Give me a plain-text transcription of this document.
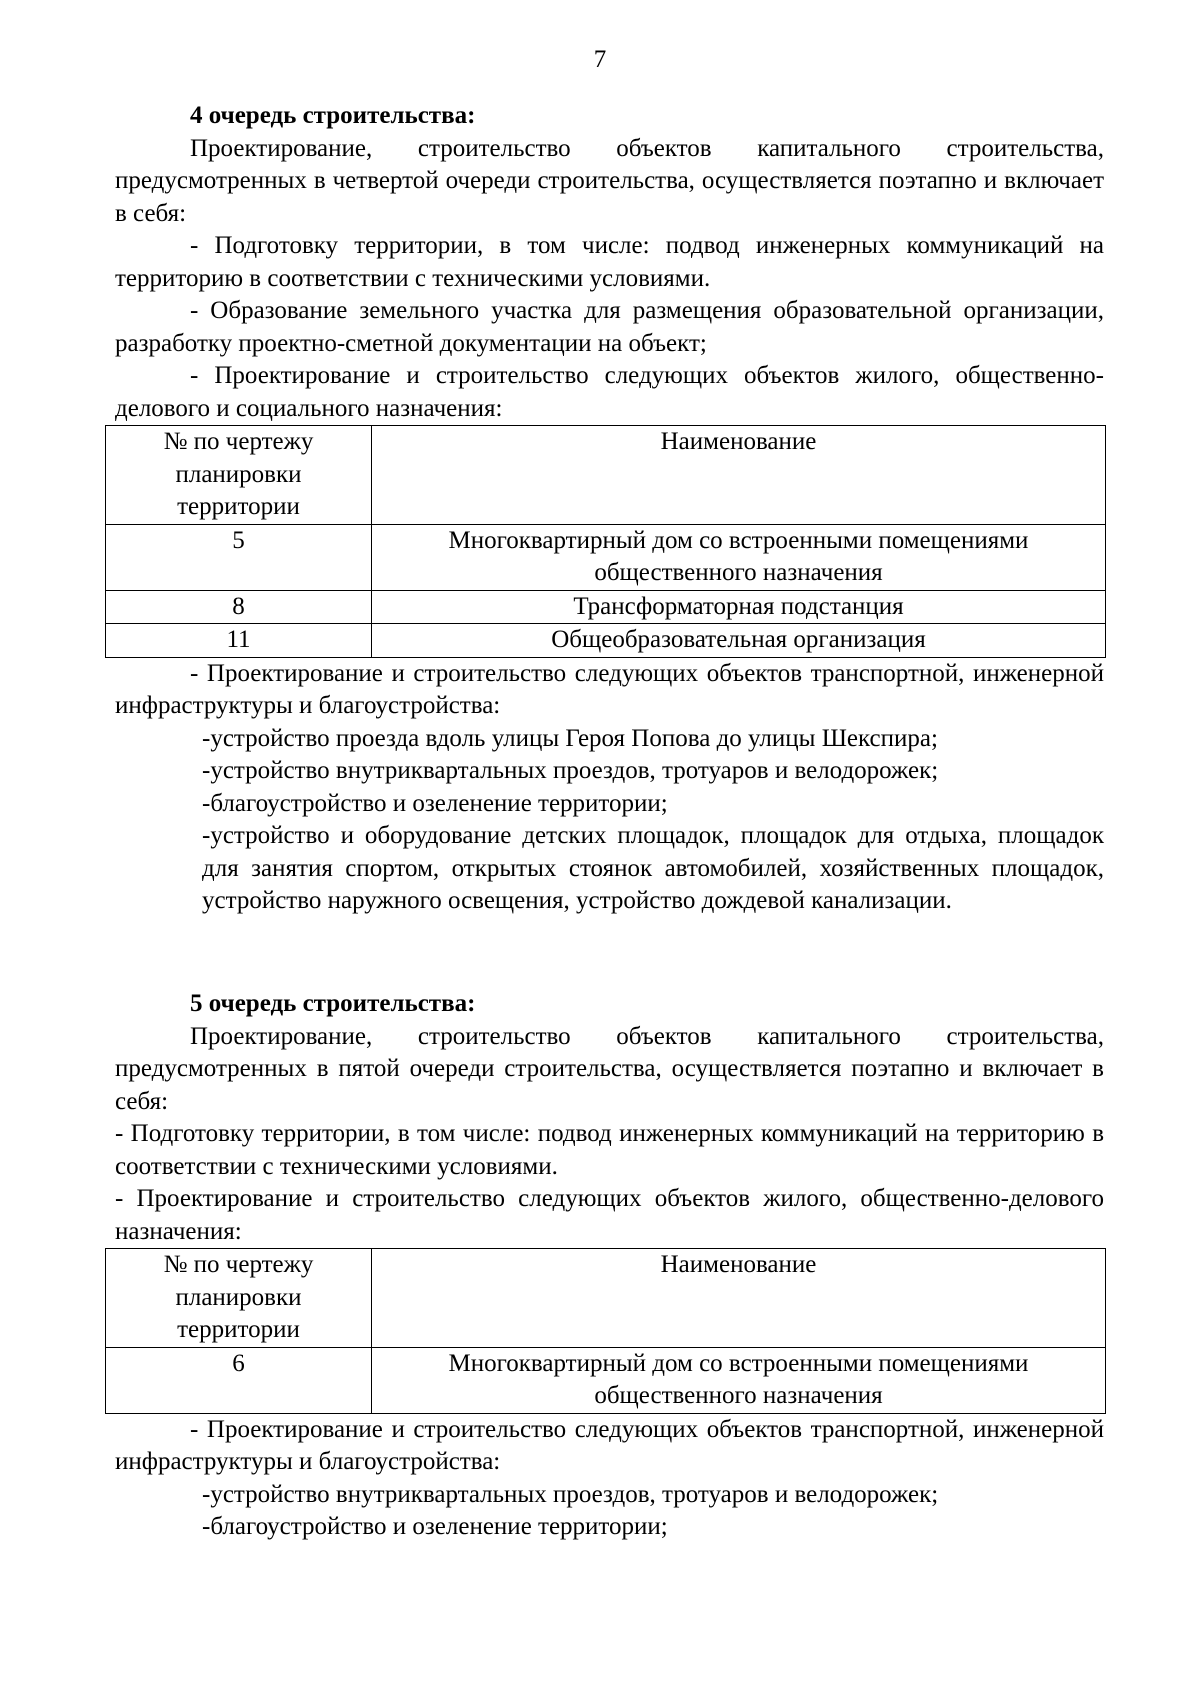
7

4 очередь строительства:

Проектирование, строительство объектов капитального строительства, предусмотренных в четвертой очереди строительства, осуществляется поэтапно и включает в себя:

- Подготовку территории, в том числе: подвод инженерных коммуникаций на территорию в соответствии с техническими условиями.

- Образование земельного участка для размещения образовательной организации, разработку проектно-сметной документации на объект;

- Проектирование и строительство следующих объектов жилого, общественно-делового и социального назначения:

№ по чертежу планировки территории	Наименование
5	Многоквартирный дом со встроенными помещениями общественного назначения
8	Трансформаторная подстанция
11	Общеобразовательная организация

- Проектирование и строительство следующих объектов транспортной, инженерной инфраструктуры и благоустройства:

-устройство проезда вдоль улицы Героя Попова до улицы Шекспира;

-устройство внутриквартальных проездов, тротуаров и велодорожек;

-благоустройство и озеленение территории;

-устройство и оборудование детских площадок, площадок для отдыха, площадок для занятия спортом, открытых стоянок автомобилей, хозяйственных площадок, устройство наружного освещения, устройство дождевой канализации.

5 очередь строительства:

Проектирование, строительство объектов капитального строительства, предусмотренных в пятой очереди строительства, осуществляется поэтапно и включает в себя:

- Подготовку территории, в том числе: подвод инженерных коммуникаций на территорию в соответствии с техническими условиями.

- Проектирование и строительство следующих объектов жилого, общественно-делового назначения:

№ по чертежу планировки территории	Наименование
6	Многоквартирный дом со встроенными помещениями общественного назначения

- Проектирование и строительство следующих объектов транспортной, инженерной инфраструктуры и благоустройства:

-устройство внутриквартальных проездов, тротуаров и велодорожек;

-благоустройство и озеленение территории;
